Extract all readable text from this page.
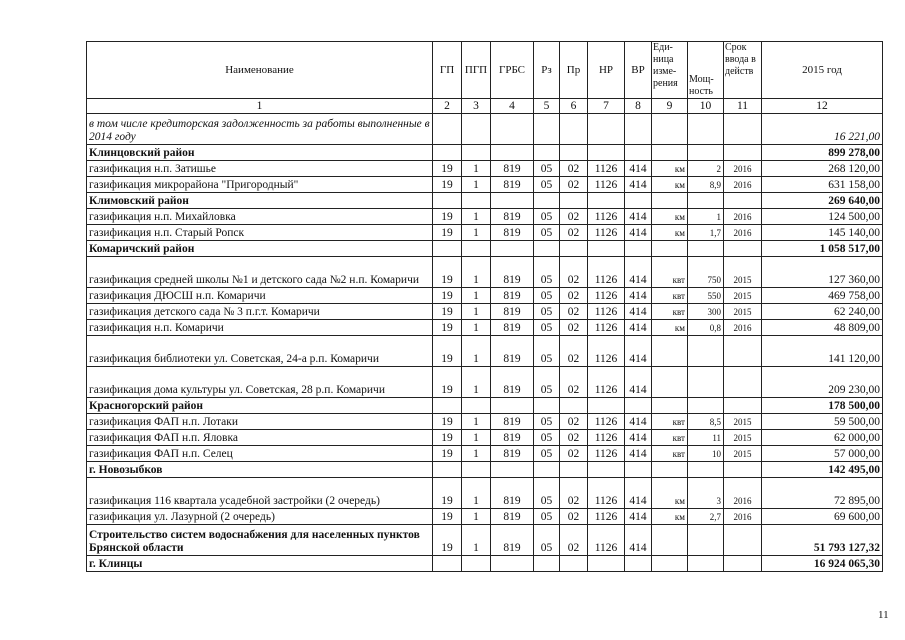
Наименование	ГП	ПГП	ГРБС	Рз	Пр	НР	ВР	Еди-ница изме-рения	Мощ-ность	Срок ввода в действ	2015 год
1	2	3	4	5	6	7	8	9	10	11	12
в том числе кредиторская задолженность за работы выполненные в 2014 году											16 221,00
Клинцовский район											899 278,00
газификация н.п. Затишье	19	1	819	05	02	1126	414	км	2	2016	268 120,00
газификация микрорайона "Пригородный"	19	1	819	05	02	1126	414	км	8,9	2016	631 158,00
Климовский район											269 640,00
газификация н.п. Михайловка	19	1	819	05	02	1126	414	км	1	2016	124 500,00
газификация н.п. Старый Ропск	19	1	819	05	02	1126	414	км	1,7	2016	145 140,00
Комаричский район											1 058 517,00
газификация средней школы №1 и детского сада №2 н.п. Комаричи	19	1	819	05	02	1126	414	квт	750	2015	127 360,00
газификация ДЮСШ н.п. Комаричи	19	1	819	05	02	1126	414	квт	550	2015	469 758,00
газификация детского сада № 3 п.г.т. Комаричи	19	1	819	05	02	1126	414	квт	300	2015	62 240,00
газификация н.п. Комаричи	19	1	819	05	02	1126	414	км	0,8	2016	48 809,00
газификация библиотеки ул. Советская, 24-а р.п. Комаричи	19	1	819	05	02	1126	414				141 120,00
газификация дома культуры ул. Советская, 28 р.п. Комаричи	19	1	819	05	02	1126	414				209 230,00
Красногорский район											178 500,00
газификация ФАП н.п. Лотаки	19	1	819	05	02	1126	414	квт	8,5	2015	59 500,00
газификация ФАП н.п. Яловка	19	1	819	05	02	1126	414	квт	11	2015	62 000,00
газификация ФАП н.п. Селец	19	1	819	05	02	1126	414	квт	10	2015	57 000,00
г. Новозыбков											142 495,00
газификация 116 квартала усадебной застройки (2 очередь)	19	1	819	05	02	1126	414	км	3	2016	72 895,00
газификация ул. Лазурной (2 очередь)	19	1	819	05	02	1126	414	км	2,7	2016	69 600,00
Строительство систем водоснабжения для населенных пунктов Брянской области	19	1	819	05	02	1126	414				51 793 127,32
г. Клинцы											16 924 065,30
11
